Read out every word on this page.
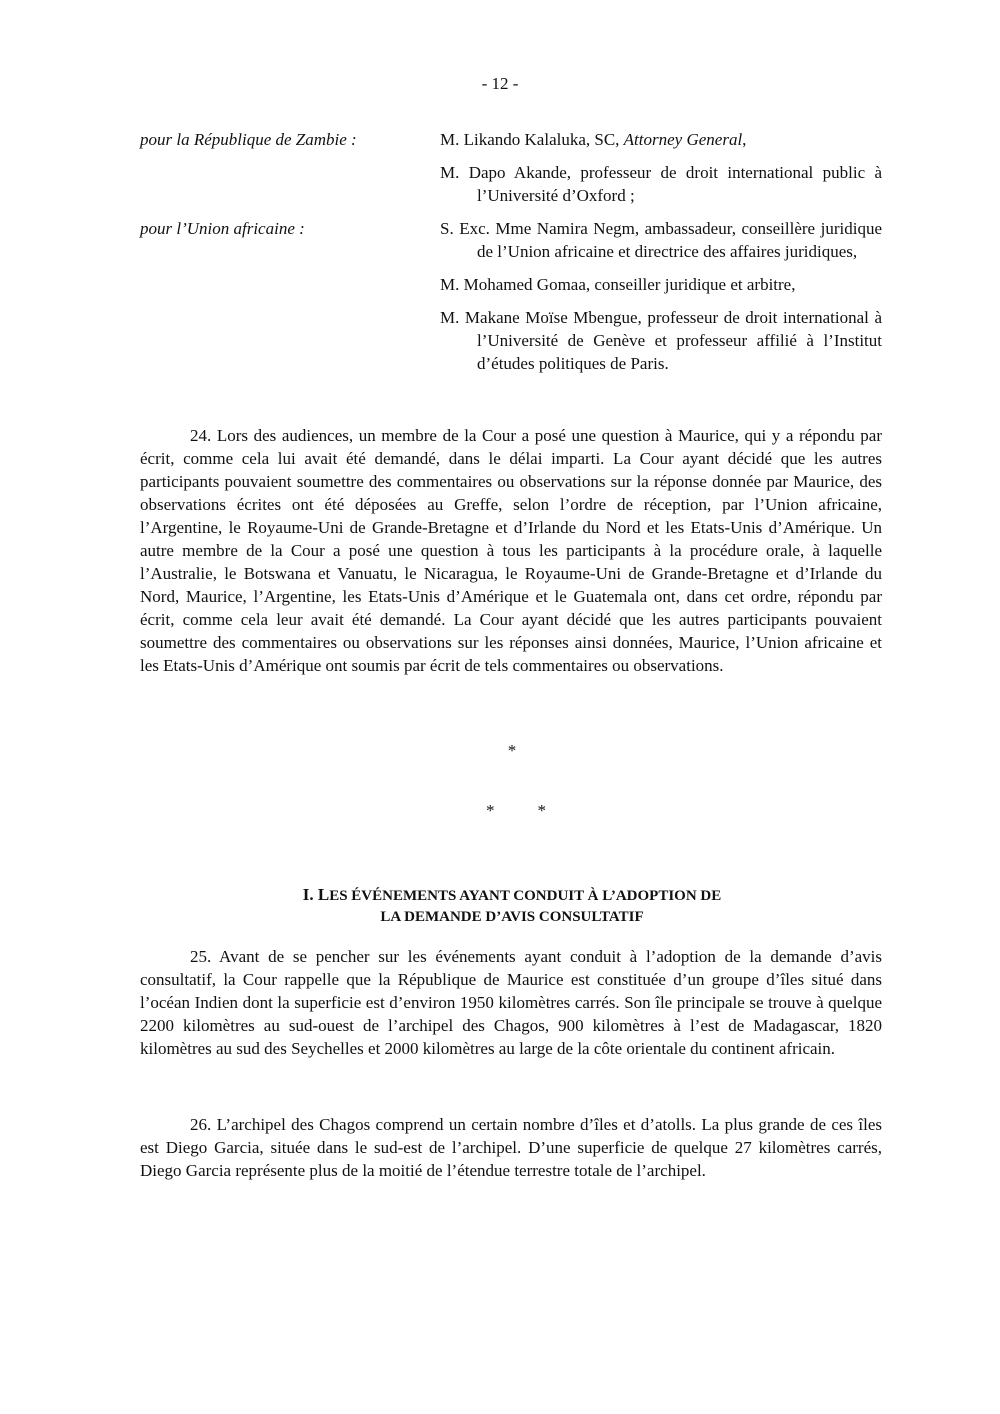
- 12 -
pour la République de Zambie :	M. Likando Kalaluka, SC, Attorney General,
M. Dapo Akande, professeur de droit international public à l’Université d’Oxford ;
pour l’Union africaine :	S. Exc. Mme Namira Negm, ambassadeur, conseillère juridique de l’Union africaine et directrice des affaires juridiques,
M. Mohamed Gomaa, conseiller juridique et arbitre,
M. Makane Moïse Mbengue, professeur de droit international à l’Université de Genève et professeur affilié à l’Institut d’études politiques de Paris.

24. Lors des audiences, un membre de la Cour a posé une question à Maurice, qui y a répondu par écrit, comme cela lui avait été demandé, dans le délai imparti. La Cour ayant décidé que les autres participants pouvaient soumettre des commentaires ou observations sur la réponse donnée par Maurice, des observations écrites ont été déposées au Greffe, selon l’ordre de réception, par l’Union africaine, l’Argentine, le Royaume-Uni de Grande-Bretagne et d’Irlande du Nord et les Etats-Unis d’Amérique. Un autre membre de la Cour a posé une question à tous les participants à la procédure orale, à laquelle l’Australie, le Botswana et Vanuatu, le Nicaragua, le Royaume-Uni de Grande-Bretagne et d’Irlande du Nord, Maurice, l’Argentine, les Etats-Unis d’Amérique et le Guatemala ont, dans cet ordre, répondu par écrit, comme cela leur avait été demandé. La Cour ayant décidé que les autres participants pouvaient soumettre des commentaires ou observations sur les réponses ainsi données, Maurice, l’Union africaine et les Etats-Unis d’Amérique ont soumis par écrit de tels commentaires ou observations.

*
*	*
I. LES ÉVÉNEMENTS AYANT CONDUIT À L’ADOPTION DE
LA DEMANDE D’AVIS CONSULTATIF

25. Avant de se pencher sur les événements ayant conduit à l’adoption de la demande d’avis consultatif, la Cour rappelle que la République de Maurice est constituée d’un groupe d’îles situé dans l’océan Indien dont la superficie est d’environ 1950 kilomètres carrés. Son île principale se trouve à quelque 2200 kilomètres au sud-ouest de l’archipel des Chagos, 900 kilomètres à l’est de Madagascar, 1820 kilomètres au sud des Seychelles et 2000 kilomètres au large de la côte orientale du continent africain.

26. L’archipel des Chagos comprend un certain nombre d’îles et d’atolls. La plus grande de ces îles est Diego Garcia, située dans le sud-est de l’archipel. D’une superficie de quelque 27 kilomètres carrés, Diego Garcia représente plus de la moitié de l’étendue terrestre totale de l’archipel.
